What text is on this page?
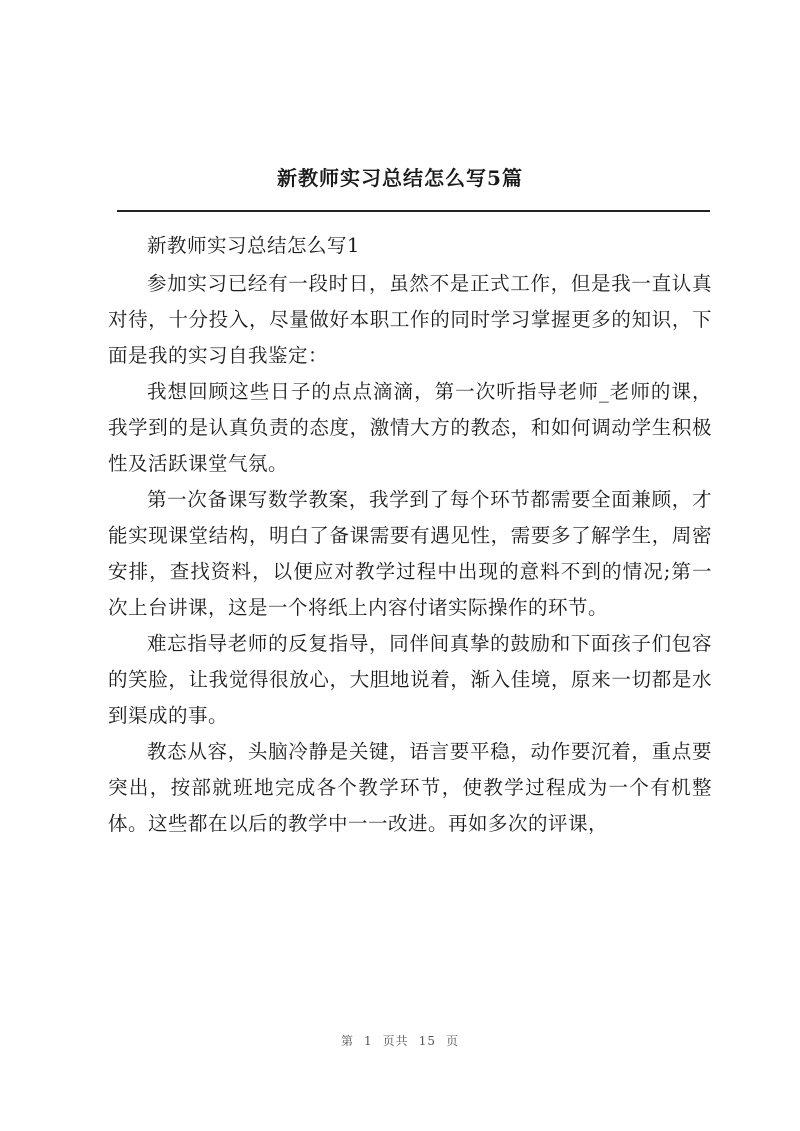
新教师实习总结怎么写5篇

新教师实习总结怎么写1

参加实习已经有一段时日，虽然不是正式工作，但是我一直认真对待，十分投入，尽量做好本职工作的同时学习掌握更多的知识，下面是我的实习自我鉴定：

我想回顾这些日子的点点滴滴，第一次听指导老师_老师的课，我学到的是认真负责的态度，激情大方的教态，和如何调动学生积极性及活跃课堂气氛。

第一次备课写数学教案，我学到了每个环节都需要全面兼顾，才能实现课堂结构，明白了备课需要有遇见性，需要多了解学生，周密安排，查找资料，以便应对教学过程中出现的意料不到的情况;第一次上台讲课，这是一个将纸上内容付诸实际操作的环节。

难忘指导老师的反复指导，同伴间真挚的鼓励和下面孩子们包容的笑脸，让我觉得很放心，大胆地说着，渐入佳境，原来一切都是水到渠成的事。

教态从容，头脑冷静是关键，语言要平稳，动作要沉着，重点要突出，按部就班地完成各个教学环节，使教学过程成为一个有机整体。这些都在以后的教学中一一改进。再如多次的评课，

第 1 页共 15 页
